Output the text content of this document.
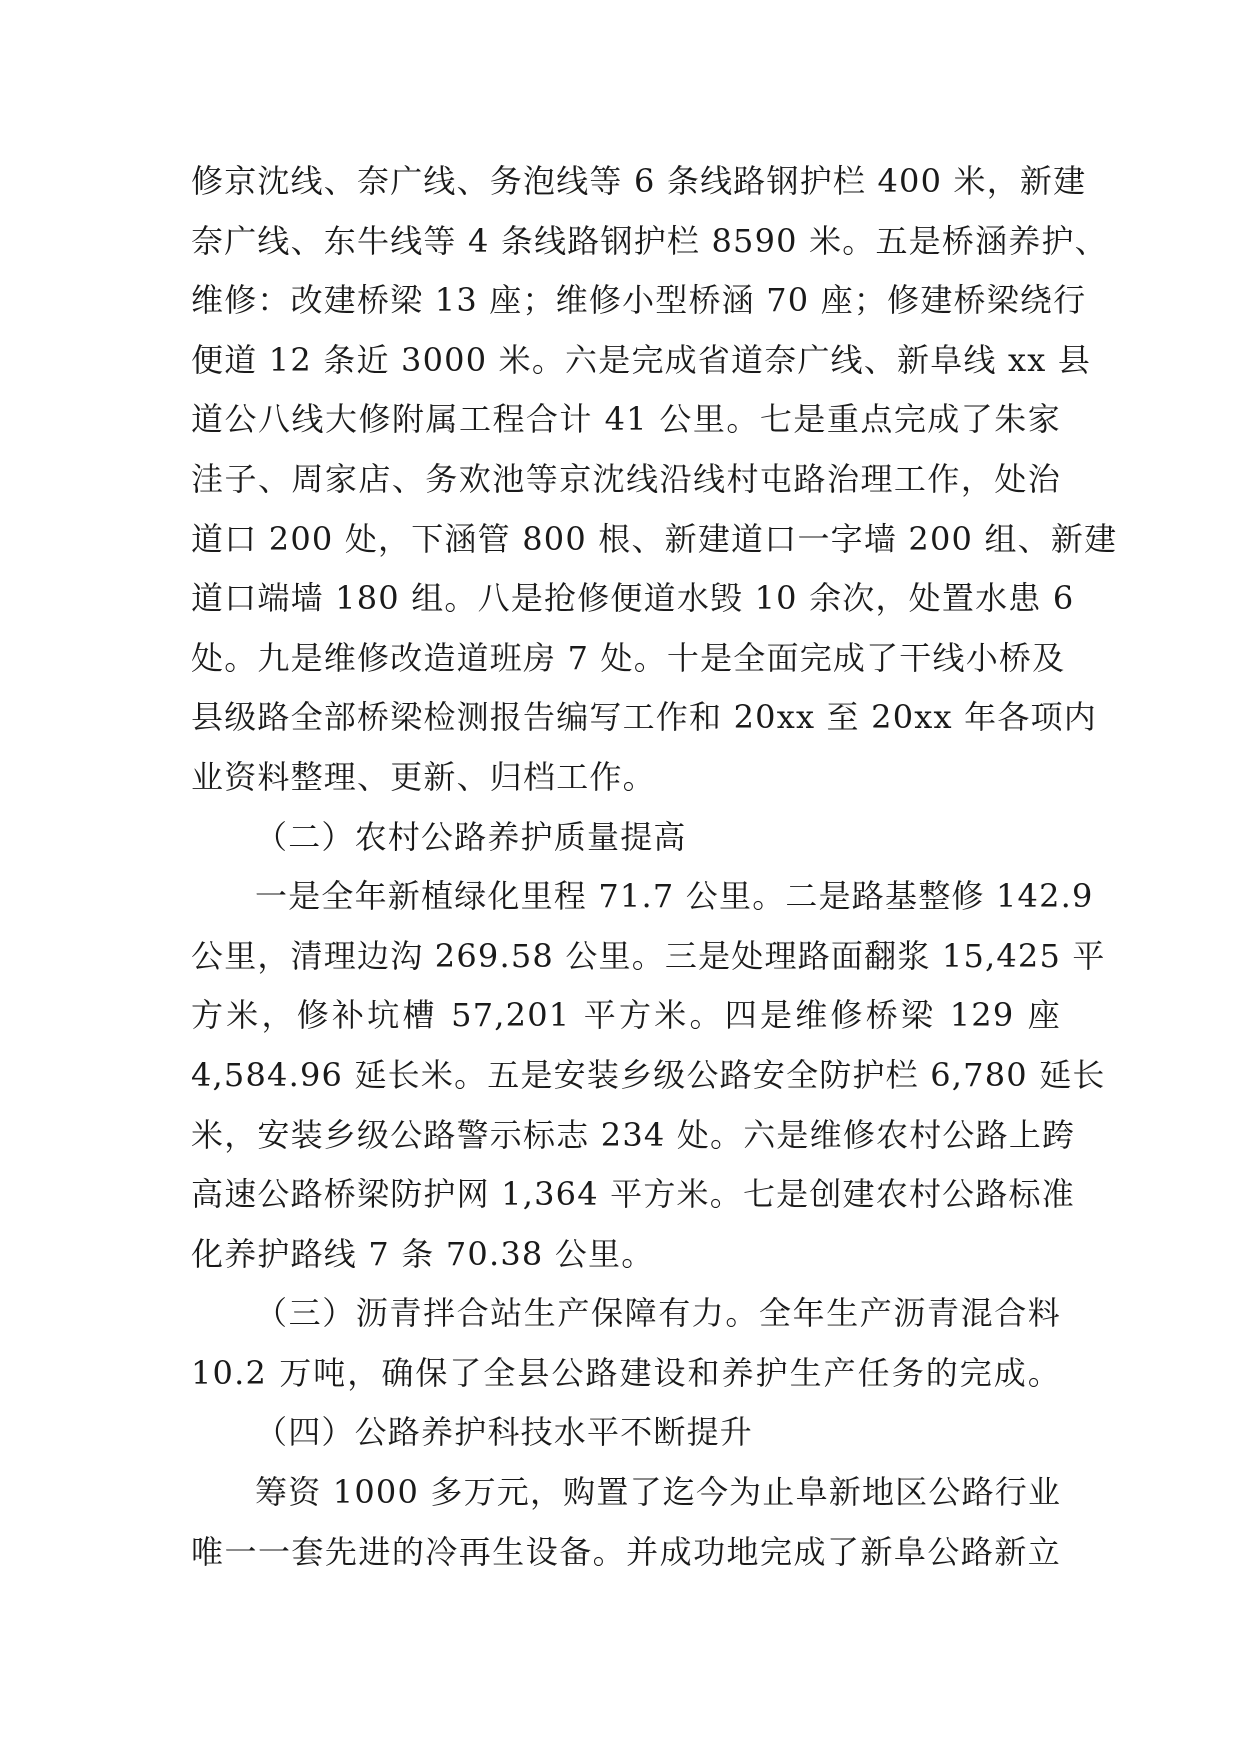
修京沈线、奈广线、务泡线等 6 条线路钢护栏 400 米，新建
奈广线、东牛线等 4 条线路钢护栏 8590 米。五是桥涵养护、
维修：改建桥梁 13 座；维修小型桥涵 70 座；修建桥梁绕行
便道 12 条近 3000 米。六是完成省道奈广线、新阜线 xx 县
道公八线大修附属工程合计 41 公里。七是重点完成了朱家
洼子、周家店、务欢池等京沈线沿线村屯路治理工作，处治
道口 200 处，下涵管 800 根、新建道口一字墙 200 组、新建
道口端墙 180 组。八是抢修便道水毁 10 余次，处置水患 6
处。九是维修改造道班房 7 处。十是全面完成了干线小桥及
县级路全部桥梁检测报告编写工作和 20xx 至 20xx 年各项内
业资料整理、更新、归档工作。
（二）农村公路养护质量提高
一是全年新植绿化里程 71.7 公里。二是路基整修 142.9
公里，清理边沟 269.58 公里。三是处理路面翻浆 15,425 平
方米，修补坑槽 57,201 平方米。四是维修桥梁 129 座
4,584.96 延长米。五是安装乡级公路安全防护栏 6,780 延长
米，安装乡级公路警示标志 234 处。六是维修农村公路上跨
高速公路桥梁防护网 1,364 平方米。七是创建农村公路标准
化养护路线 7 条 70.38 公里。
（三）沥青拌合站生产保障有力。全年生产沥青混合料
10.2 万吨，确保了全县公路建设和养护生产任务的完成。
（四）公路养护科技水平不断提升
筹资 1000 多万元，购置了迄今为止阜新地区公路行业
唯一一套先进的冷再生设备。并成功地完成了新阜公路新立
